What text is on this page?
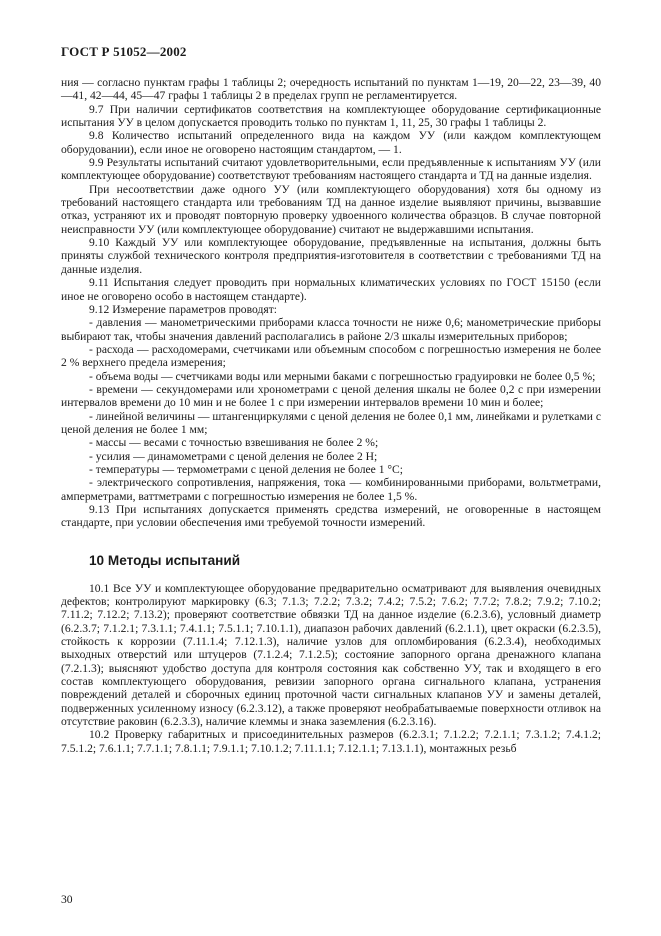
ГОСТ Р 51052—2002

ния — согласно пунктам графы 1 таблицы 2; очередность испытаний по пунктам 1—19, 20—22, 23—39, 40—41, 42—44, 45—47 графы 1 таблицы 2 в пределах групп не регламентируется.

9.7 При наличии сертификатов соответствия на комплектующее оборудование сертификационные испытания УУ в целом допускается проводить только по пунктам 1, 11, 25, 30 графы 1 таблицы 2.

9.8 Количество испытаний определенного вида на каждом УУ (или каждом комплектующем оборудовании), если иное не оговорено настоящим стандартом, — 1.

9.9 Результаты испытаний считают удовлетворительными, если предъявленные к испытаниям УУ (или комплектующее оборудование) соответствуют требованиям настоящего стандарта и ТД на данные изделия.

При несоответствии даже одного УУ (или комплектующего оборудования) хотя бы одному из требований настоящего стандарта или требованиям ТД на данное изделие выявляют причины, вызвавшие отказ, устраняют их и проводят повторную проверку удвоенного количества образцов. В случае повторной неисправности УУ (или комплектующее оборудование) считают не выдержавшими испытания.

9.10 Каждый УУ или комплектующее оборудование, предъявленные на испытания, должны быть приняты службой технического контроля предприятия-изготовителя в соответствии с требованиями ТД на данные изделия.

9.11 Испытания следует проводить при нормальных климатических условиях по ГОСТ 15150 (если иное не оговорено особо в настоящем стандарте).

9.12 Измерение параметров проводят:

- давления — манометрическими приборами класса точности не ниже 0,6; манометрические приборы выбирают так, чтобы значения давлений располагались в районе 2/3 шкалы измерительных приборов;

- расхода — расходомерами, счетчиками или объемным способом с погрешностью измерения не более 2 % верхнего предела измерения;

- объема воды — счетчиками воды или мерными баками с погрешностью градуировки не более 0,5 %;

- времени — секундомерами или хронометрами с ценой деления шкалы не более 0,2 с при измерении интервалов времени до 10 мин и не более 1 с при измерении интервалов времени 10 мин и более;

- линейной величины — штангенциркулями с ценой деления не более 0,1 мм, линейками и рулетками с ценой деления не более 1 мм;

- массы — весами с точностью взвешивания не более 2 %;

- усилия — динамометрами с ценой деления не более 2 Н;

- температуры — термометрами с ценой деления не более 1 °С;

- электрического сопротивления, напряжения, тока — комбинированными приборами, вольтметрами, амперметрами, ваттметрами с погрешностью измерения не более 1,5 %.

9.13 При испытаниях допускается применять средства измерений, не оговоренные в настоящем стандарте, при условии обеспечения ими требуемой точности измерений.

10 Методы испытаний

10.1 Все УУ и комплектующее оборудование предварительно осматривают для выявления очевидных дефектов; контролируют маркировку (6.3; 7.1.3; 7.2.2; 7.3.2; 7.4.2; 7.5.2; 7.6.2; 7.7.2; 7.8.2; 7.9.2; 7.10.2; 7.11.2; 7.12.2; 7.13.2); проверяют соответствие обвязки ТД на данное изделие (6.2.3.6), условный диаметр (6.2.3.7; 7.1.2.1; 7.3.1.1; 7.4.1.1; 7.5.1.1; 7.10.1.1), диапазон рабочих давлений (6.2.1.1), цвет окраски (6.2.3.5), стойкость к коррозии (7.11.1.4; 7.12.1.3), наличие узлов для опломбирования (6.2.3.4), необходимых выходных отверстий или штуцеров (7.1.2.4; 7.1.2.5); состояние запорного органа дренажного клапана (7.2.1.3); выясняют удобство доступа для контроля состояния как собственно УУ, так и входящего в его состав комплектующего оборудования, ревизии запорного органа сигнального клапана, устранения повреждений деталей и сборочных единиц проточной части сигнальных клапанов УУ и замены деталей, подверженных усиленному износу (6.2.3.12), а также проверяют необрабатываемые поверхности отливок на отсутствие раковин (6.2.3.3), наличие клеммы и знака заземления (6.2.3.16).

10.2 Проверку габаритных и присоединительных размеров (6.2.3.1; 7.1.2.2; 7.2.1.1; 7.3.1.2; 7.4.1.2; 7.5.1.2; 7.6.1.1; 7.7.1.1; 7.8.1.1; 7.9.1.1; 7.10.1.2; 7.11.1.1; 7.12.1.1; 7.13.1.1), монтажных резьб

30
